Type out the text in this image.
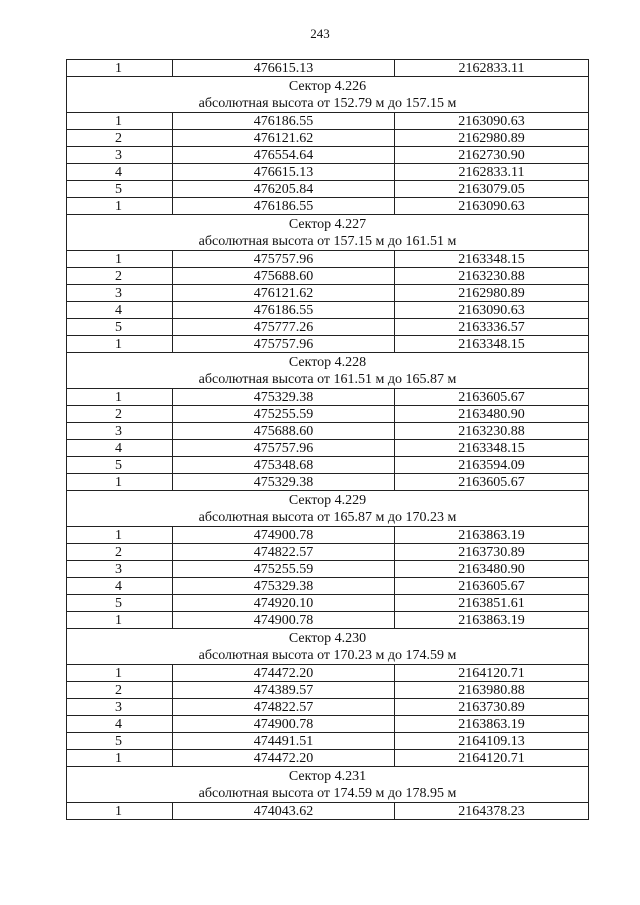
243
1	476615.13	2162833.11

Сектор 4.226
абсолютная высота от 152.79 м до 157.15 м		

1	476186.55	2163090.63
2	476121.62	2162980.89
3	476554.64	2162730.90
4	476615.13	2162833.11
5	476205.84	2163079.05
1	476186.55	2163090.63

Сектор 4.227
абсолютная высота от 157.15 м до 161.51 м		

1	475757.96	2163348.15
2	475688.60	2163230.88
3	476121.62	2162980.89
4	476186.55	2163090.63
5	475777.26	2163336.57
1	475757.96	2163348.15

Сектор 4.228
абсолютная высота от 161.51 м до 165.87 м		

1	475329.38	2163605.67
2	475255.59	2163480.90
3	475688.60	2163230.88
4	475757.96	2163348.15
5	475348.68	2163594.09
1	475329.38	2163605.67

Сектор 4.229
абсолютная высота от 165.87 м до 170.23 м		

1	474900.78	2163863.19
2	474822.57	2163730.89
3	475255.59	2163480.90
4	475329.38	2163605.67
5	474920.10	2163851.61
1	474900.78	2163863.19

Сектор 4.230
абсолютная высота от 170.23 м до 174.59 м		

1	474472.20	2164120.71
2	474389.57	2163980.88
3	474822.57	2163730.89
4	474900.78	2163863.19
5	474491.51	2164109.13
1	474472.20	2164120.71

Сектор 4.231
абсолютная высота от 174.59 м до 178.95 м		

1	474043.62	2164378.23
